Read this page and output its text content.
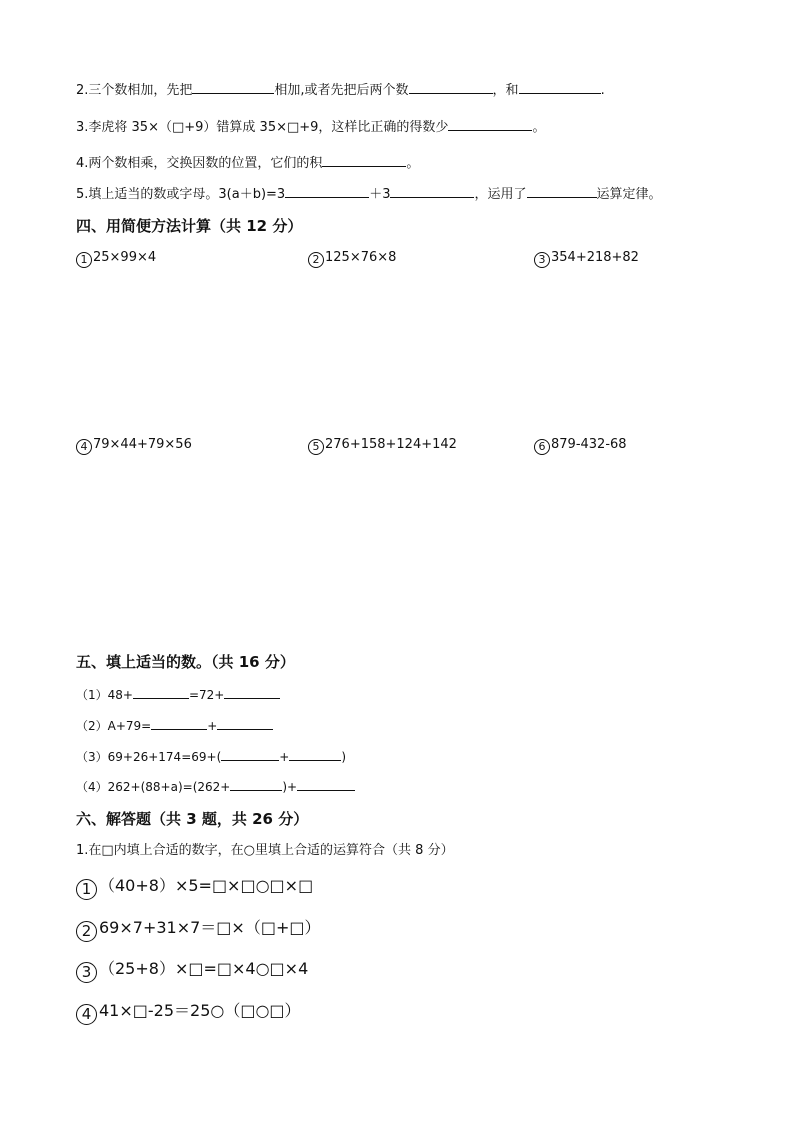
2.三个数相加，先把	相加,或者先把后两个数	，和	.
3.李虎将 35×（□+9）错算成 35×□+9，这样比正确的得数少	。
4.两个数相乘，交换因数的位置，它们的积	。
5.填上适当的数或字母。3(a＋b)=3	＋3	，运用了	运算定律。
四、用简便方法计算（共 12 分）
1 25×99×4	2 125×76×8	3 354+218+82
4 79×44+79×56	5 276+158+124+142	6 879-432-68
五、填上适当的数。（共 16 分）
（1）48+	=72+
（2）A+79=	+
（3）69+26+174=69+(	+	)
（4）262+(88+a)=(262+	)+
六、解答题（共 3 题，共 26 分）
1.在□内填上合适的数字，在○里填上合适的运算符合（共 8 分）
1 （40+8）×5=□×□○□×□
2 69×7+31×7＝□×（□+□）
3 （25+8）×□=□×4○□×4
4 41×□-25＝25○（□○□）
